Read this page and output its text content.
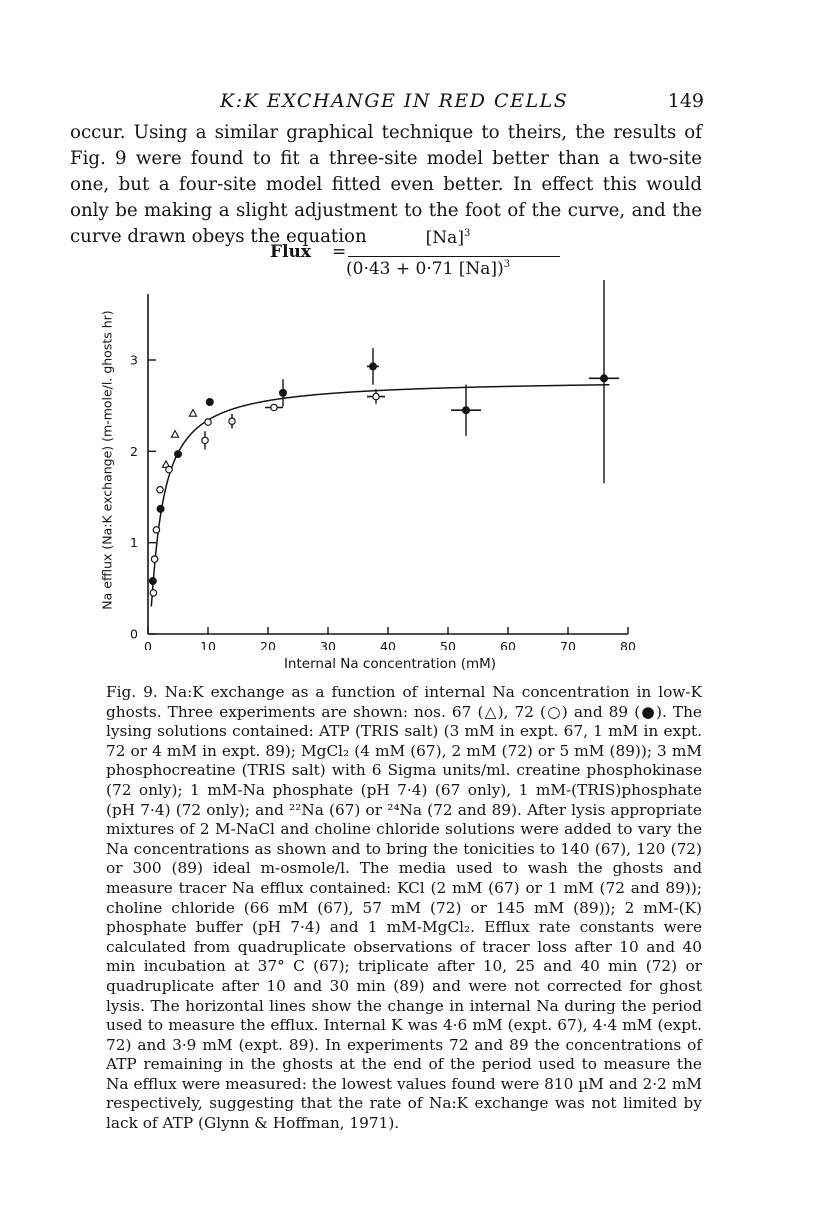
K:K EXCHANGE IN RED CELLS	149

occur. Using a similar graphical technique to theirs, the results of Fig. 9 were found to fit a three-site model better than a two-site one, but a four-site model fitted even better. In effect this would only be making a slight adjustment to the foot of the curve, and the curve drawn obeys the equation

Flux =
$[Na]^3$
(0·43 + 0·71 [Na])$^3$
0	10	20	30	40	50	60	70	80
0
1
2
3
Na efflux (Na:K exchange) (m-mole/l. ghosts hr)
Internal Na concentration (mM)

Fig. 9. Na:K exchange as a function of internal Na concentration in low-K ghosts. Three experiments are shown: nos. 67 (△), 72 (○) and 89 (●). The lysing solutions contained: ATP (TRIS salt) (3 mM in expt. 67, 1 mM in expt. 72 or 4 mM in expt. 89); MgCl₂ (4 mM (67), 2 mM (72) or 5 mM (89)); 3 mM phosphocreatine (TRIS salt) with 6 Sigma units/ml. creatine phosphokinase (72 only); 1 mM-Na phosphate (pH 7·4) (67 only), 1 mM-(TRIS)phosphate (pH 7·4) (72 only); and ²²Na (67) or ²⁴Na (72 and 89). After lysis appropriate mixtures of 2 M-NaCl and choline chloride solutions were added to vary the Na concentrations as shown and to bring the tonicities to 140 (67), 120 (72) or 300 (89) ideal m-osmole/l. The media used to wash the ghosts and measure tracer Na efflux contained: KCl (2 mM (67) or 1 mM (72 and 89)); choline chloride (66 mM (67), 57 mM (72) or 145 mM (89)); 2 mM-(K) phosphate buffer (pH 7·4) and 1 mM-MgCl₂. Efflux rate constants were calculated from quadruplicate observations of tracer loss after 10 and 40 min incubation at 37° C (67); triplicate after 10, 25 and 40 min (72) or quadruplicate after 10 and 30 min (89) and were not corrected for ghost lysis. The horizontal lines show the change in internal Na during the period used to measure the efflux. Internal K was 4·6 mM (expt. 67), 4·4 mM (expt. 72) and 3·9 mM (expt. 89). In experiments 72 and 89 the concentrations of ATP remaining in the ghosts at the end of the period used to measure the Na efflux were measured: the lowest values found were 810 µM and 2·2 mM respectively, suggesting that the rate of Na:K exchange was not limited by lack of ATP (Glynn & Hoffman, 1971).
